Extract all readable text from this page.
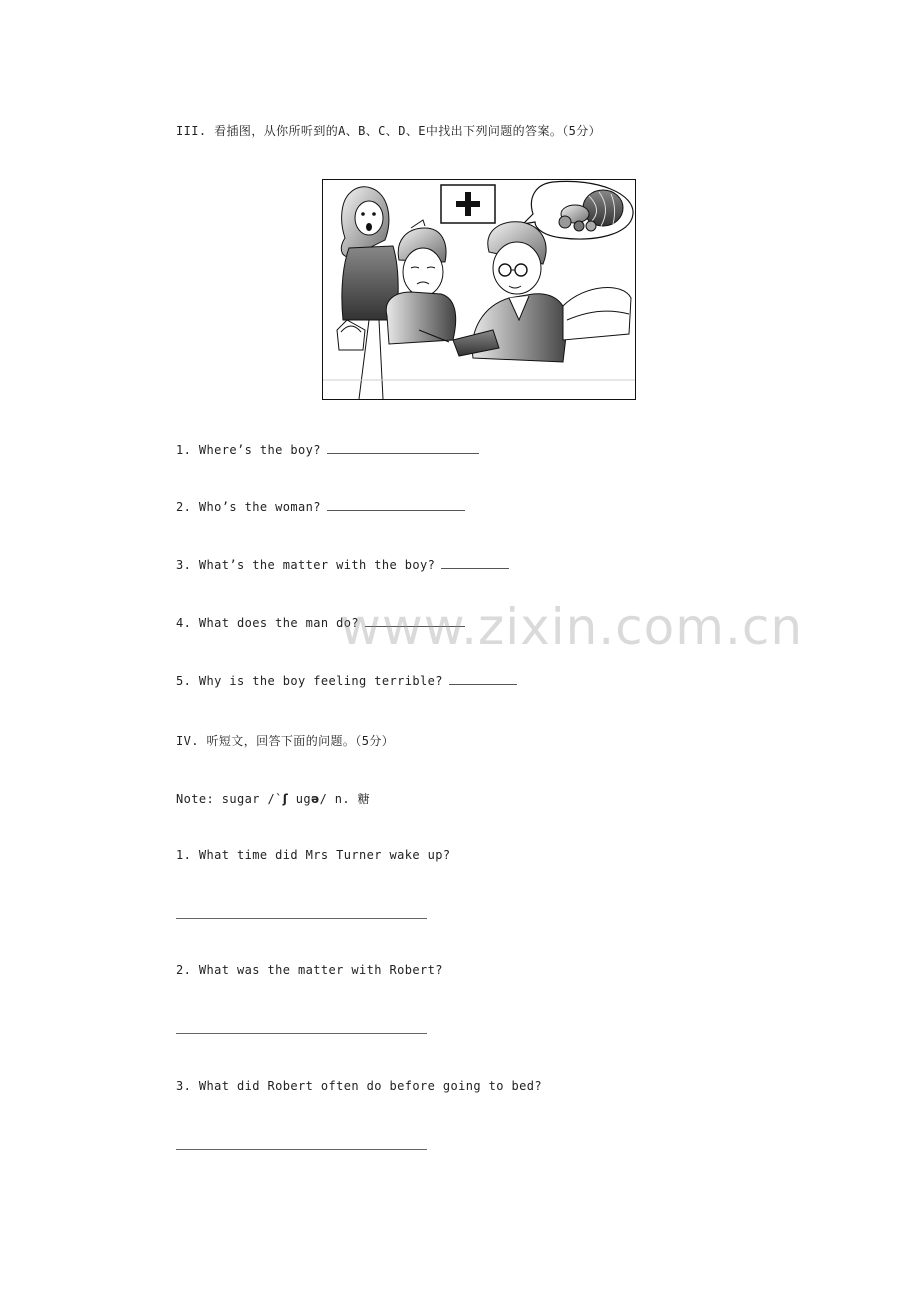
III. 看插图，从你所听到的A、B、C、D、E中找出下列问题的答案。（5分）
1. Where’s the boy?
2. Who’s the woman?
3. What’s the matter with the boy?
4. What does the man do?
5. Why is the boy feeling terrible?
IV. 听短文，回答下面的问题。（5分）
Note: sugar /`ʃ ugə/ n. 糖
1. What time did Mrs Turner wake up?
2. What was the matter with Robert?
3. What did Robert often do before going to bed?
www.zixin.com.cn
